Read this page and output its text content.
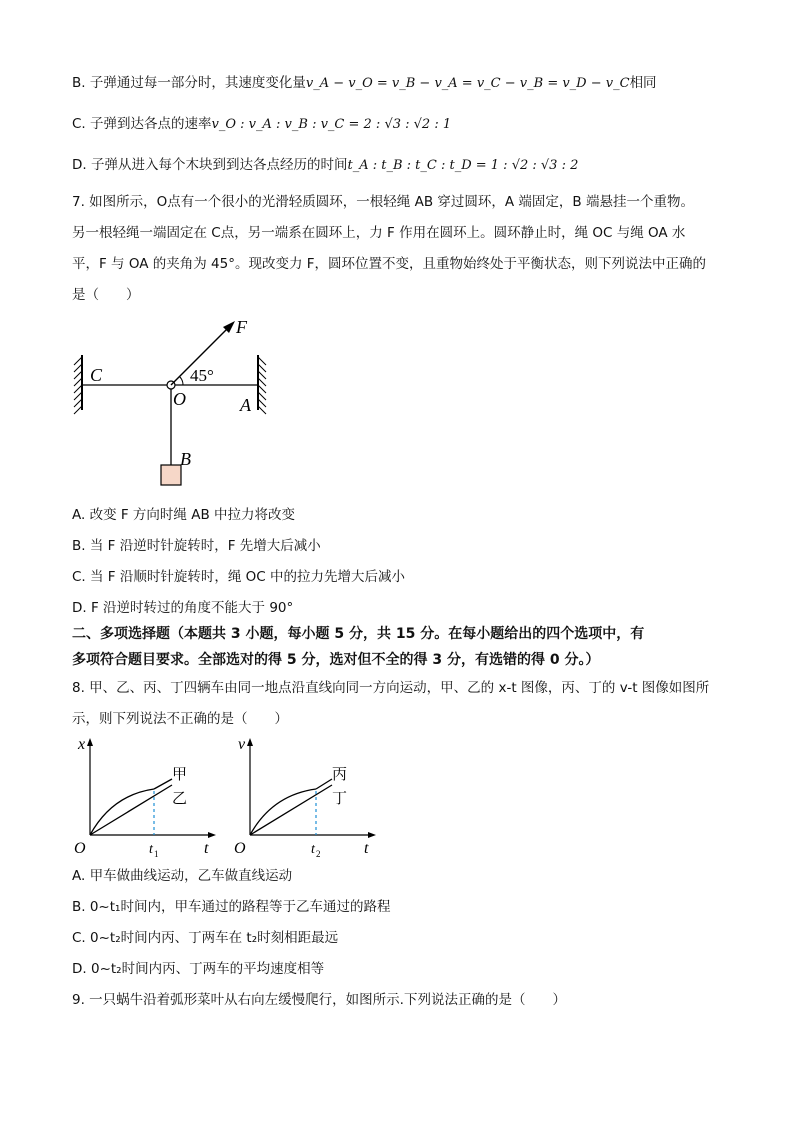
B. 子弹通过每一部分时，其速度变化量v_A − v_O = v_B − v_A = v_C − v_B = v_D − v_C相同
C. 子弹到达各点的速率v_O : v_A : v_B : v_C = 2 : √3 : √2 : 1
D. 子弹从进入每个木块到到达各点经历的时间t_A : t_B : t_C : t_D = 1 : √2 : √3 : 2
7. 如图所示，O点有一个很小的光滑轻质圆环，一根轻绳 AB 穿过圆环，A 端固定，B 端悬挂一个重物。
另一根轻绳一端固定在 C点，另一端系在圆环上，力 F 作用在圆环上。圆环静止时，绳 OC 与绳 OA 水
平，F 与 OA 的夹角为 45°。现改变力 F，圆环位置不变，且重物始终处于平衡状态，则下列说法中正确的
是（　　）
F
C
O	A
B
45°
A. 改变 F 方向时绳 AB 中拉力将改变
B. 当 F 沿逆时针旋转时，F 先增大后减小
C. 当 F 沿顺时针旋转时，绳 OC 中的拉力先增大后减小
D. F 沿逆时转过的角度不能大于 90°
二、多项选择题（本题共 3 小题，每小题 5 分，共 15 分。在每小题给出的四个选项中，有
多项符合题目要求。全部选对的得 5 分，选对但不全的得 3 分，有选错的得 0 分。）
8. 甲、乙、丙、丁四辆车由同一地点沿直线向同一方向运动，甲、乙的 x-t 图像，丙、丁的 v-t 图像如图所
示，则下列说法不正确的是（　　）
x
t
O	t 1
甲
乙
v
t
O	t 2
丙
丁
A. 甲车做曲线运动，乙车做直线运动
B. 0~t₁时间内，甲车通过的路程等于乙车通过的路程
C. 0~t₂时间内丙、丁两车在 t₂时刻相距最远
D. 0~t₂时间内丙、丁两车的平均速度相等
9. 一只蜗牛沿着弧形菜叶从右向左缓慢爬行，如图所示.下列说法正确的是（　　）
